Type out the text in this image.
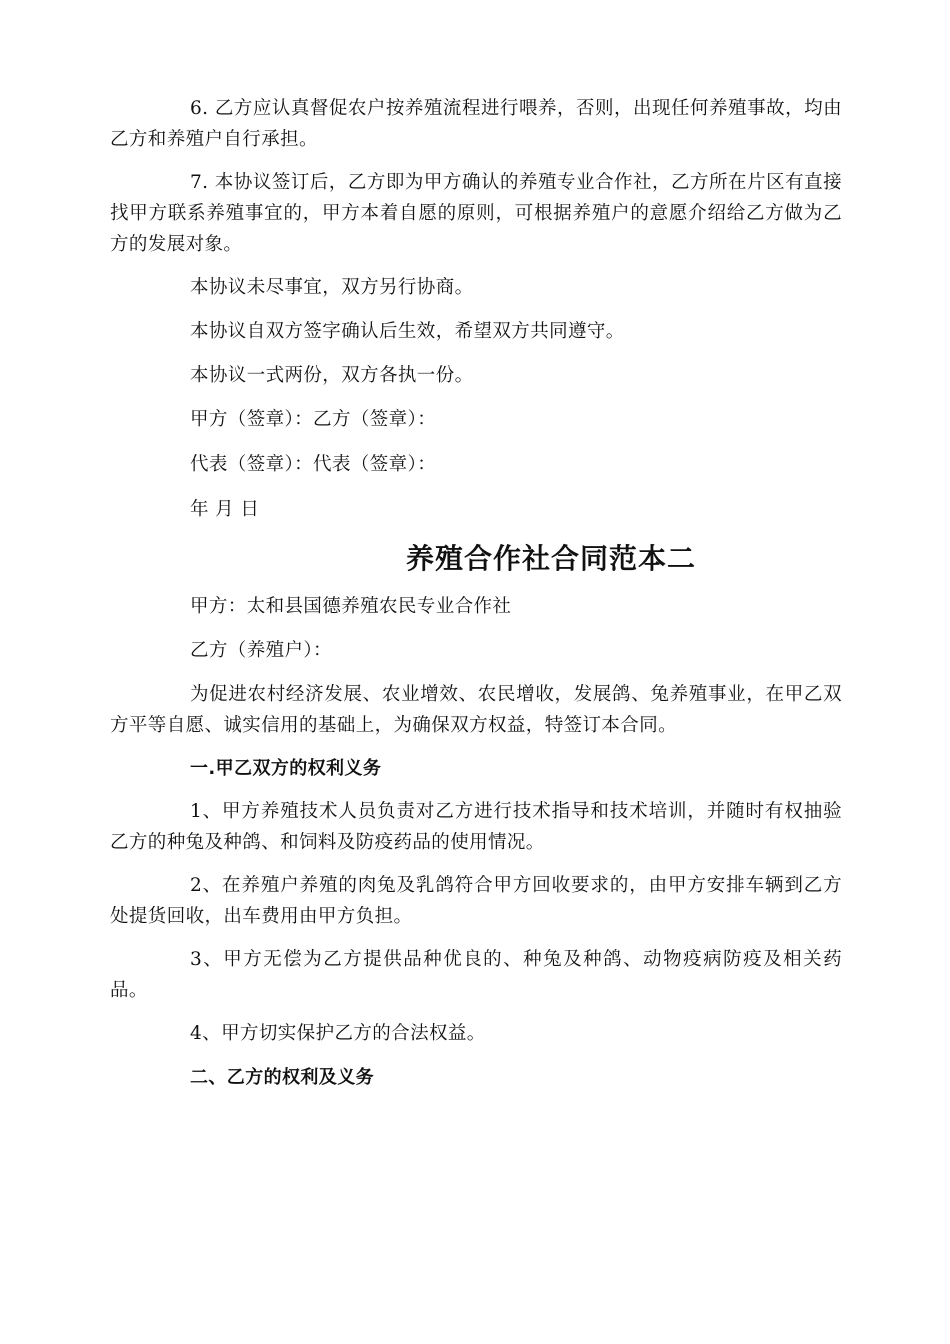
6. 乙方应认真督促农户按养殖流程进行喂养，否则，出现任何养殖事故，均由乙方和养殖户自行承担。

7. 本协议签订后，乙方即为甲方确认的养殖专业合作社，乙方所在片区有直接找甲方联系养殖事宜的，甲方本着自愿的原则，可根据养殖户的意愿介绍给乙方做为乙方的发展对象。

本协议未尽事宜，双方另行协商。

本协议自双方签字确认后生效，希望双方共同遵守。

本协议一式两份，双方各执一份。

甲方（签章）：乙方（签章）：

代表（签章）：代表（签章）：

年 月 日

养殖合作社合同范本二

甲方：太和县国德养殖农民专业合作社

乙方（养殖户）：

为促进农村经济发展、农业增效、农民增收，发展鸽、兔养殖事业，在甲乙双方平等自愿、诚实信用的基础上，为确保双方权益，特签订本合同。

一.甲乙双方的权利义务

1、甲方养殖技术人员负责对乙方进行技术指导和技术培训，并随时有权抽验乙方的种兔及种鸽、和饲料及防疫药品的使用情况。

2、在养殖户养殖的肉兔及乳鸽符合甲方回收要求的，由甲方安排车辆到乙方处提货回收，出车费用由甲方负担。

3、甲方无偿为乙方提供品种优良的、种兔及种鸽、动物疫病防疫及相关药 品。

4、甲方切实保护乙方的合法权益。

二、乙方的权利及义务
